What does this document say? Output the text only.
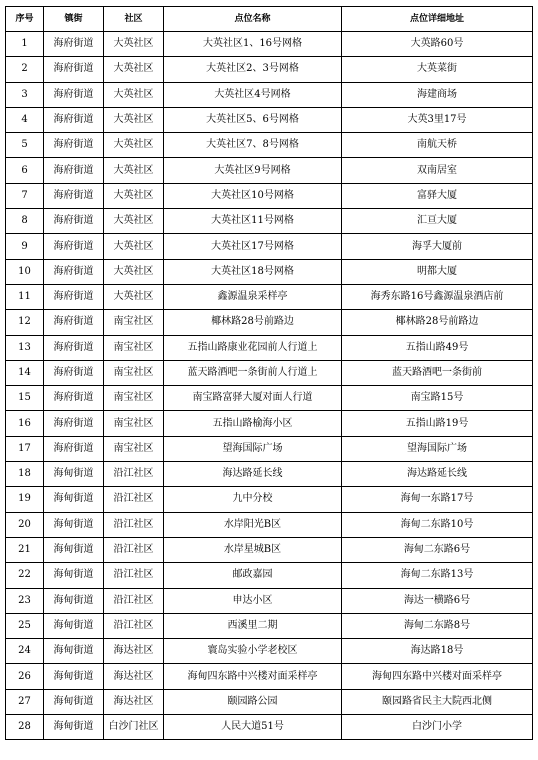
序号	镇街	社区	点位名称	点位详细地址
1	海府街道	大英社区	大英社区1、16号网格	大英路60号
2	海府街道	大英社区	大英社区2、3号网格	大英菜街
3	海府街道	大英社区	大英社区4号网格	海建商场
4	海府街道	大英社区	大英社区5、6号网格	大英3里17号
5	海府街道	大英社区	大英社区7、8号网格	南航天桥
6	海府街道	大英社区	大英社区9号网格	双南居室
7	海府街道	大英社区	大英社区10号网格	富驿大厦
8	海府街道	大英社区	大英社区11号网格	汇亘大厦
9	海府街道	大英社区	大英社区17号网格	海孚大厦前
10	海府街道	大英社区	大英社区18号网格	明都大厦
11	海府街道	大英社区	鑫源温泉采样亭	海秀东路16号鑫源温泉酒店前
12	海府街道	南宝社区	椰林路28号前路边	椰林路28号前路边
13	海府街道	南宝社区	五指山路康业花园前人行道上	五指山路49号
14	海府街道	南宝社区	蓝天路酒吧一条街前人行道上	蓝天路酒吧一条街前
15	海府街道	南宝社区	南宝路富驿大厦对面人行道	南宝路15号
16	海府街道	南宝社区	五指山路榆海小区	五指山路19号
17	海府街道	南宝社区	望海国际广场	望海国际广场
18	海甸街道	沿江社区	海达路延长线	海达路延长线
19	海甸街道	沿江社区	九中分校	海甸一东路17号
20	海甸街道	沿江社区	水岸阳光B区	海甸二东路10号
21	海甸街道	沿江社区	水岸星城B区	海甸二东路6号
22	海甸街道	沿江社区	邮政嘉园	海甸二东路13号
23	海甸街道	沿江社区	申达小区	海达一横路6号
25	海甸街道	沿江社区	西溪里二期	海甸二东路8号
24	海甸街道	海达社区	寰岛实验小学老校区	海达路18号
26	海甸街道	海达社区	海甸四东路中兴楼对面采样亭	海甸四东路中兴楼对面采样亭
27	海甸街道	海达社区	颐园路公园	颐园路省民主大院西北侧
28	海甸街道	白沙门社区	人民大道51号	白沙门小学
